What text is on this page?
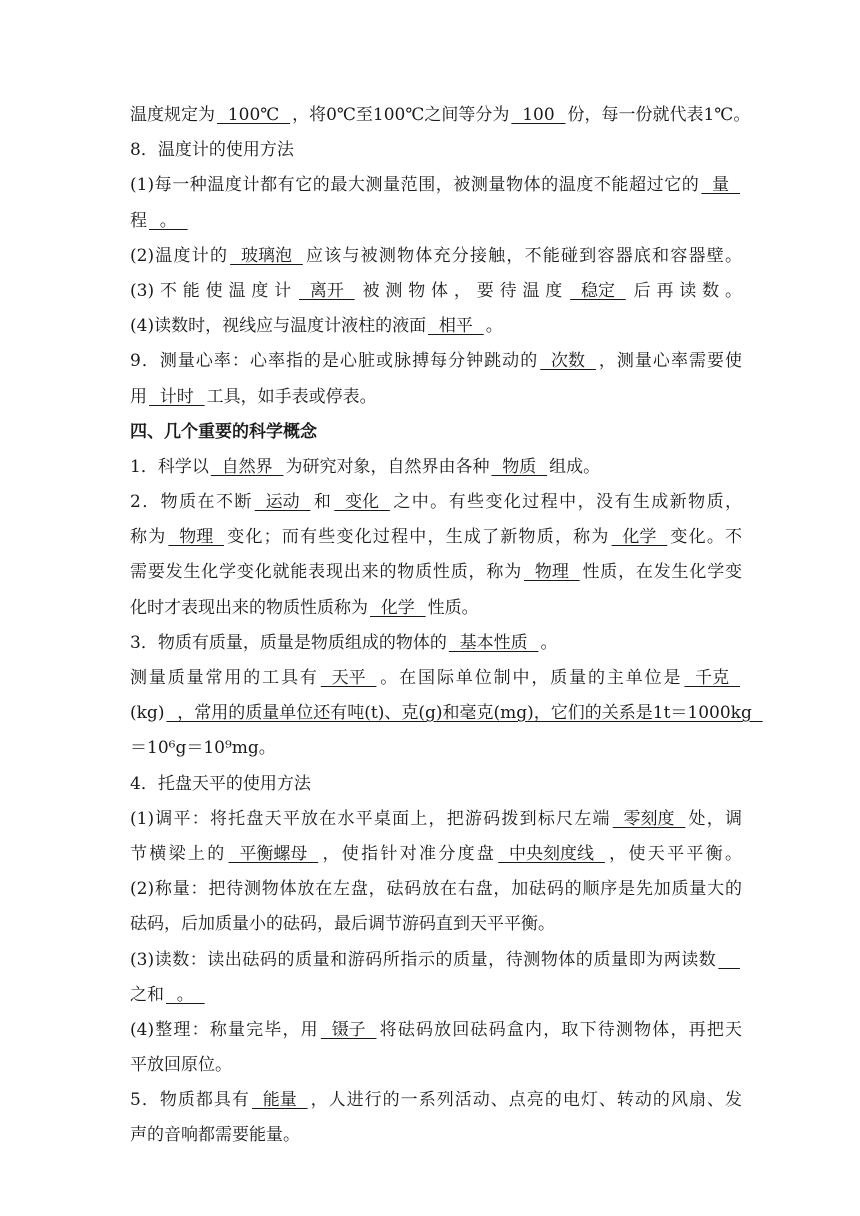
温度规定为  100℃  ，将0℃至100℃之间等分为  100  份，每一份就代表1℃。
8．温度计的使用方法
(1)每一种温度计都有它的最大测量范围，被测量物体的温度不能超过它的  量
程  。
(2)温度计的  玻璃泡  应该与被测物体充分接触，不能碰到容器底和容器壁。
(3)不能使温度计  离开  被测物体，要待温度  稳定  后再读数。
(4)读数时，视线应与温度计液柱的液面  相平  。
9．测量心率：心率指的是心脏或脉搏每分钟跳动的  次数  ，测量心率需要使
用  计时  工具，如手表或停表。
四、几个重要的科学概念
1．科学以  自然界  为研究对象，自然界由各种  物质  组成。
2．物质在不断  运动  和  变化  之中。有些变化过程中，没有生成新物质，
称为  物理  变化；而有些变化过程中，生成了新物质，称为  化学  变化。不
需要发生化学变化就能表现出来的物质性质，称为  物理  性质，在发生化学变
化时才表现出来的物质性质称为  化学  性质。
3．物质有质量，质量是物质组成的物体的  基本性质  。
测量质量常用的工具有  天平  。在国际单位制中，质量的主单位是  千克
(kg)  ，常用的质量单位还有吨(t)、克(g)和毫克(mg)，它们的关系是1t＝1000kg
＝10⁶g＝10⁹mg。
4．托盘天平的使用方法
(1)调平：将托盘天平放在水平桌面上，把游码拨到标尺左端  零刻度  处，调
节横梁上的  平衡螺母  ，使指针对准分度盘  中央刻度线  ，使天平平衡。
(2)称量：把待测物体放在左盘，砝码放在右盘，加砝码的顺序是先加质量大的
砝码，后加质量小的砝码，最后调节游码直到天平平衡。
(3)读数：读出砝码的质量和游码所指示的质量，待测物体的质量即为两读数
之和  。
(4)整理：称量完毕，用  镊子  将砝码放回砝码盒内，取下待测物体，再把天
平放回原位。
5．物质都具有  能量  ，人进行的一系列活动、点亮的电灯、转动的风扇、发
声的音响都需要能量。
